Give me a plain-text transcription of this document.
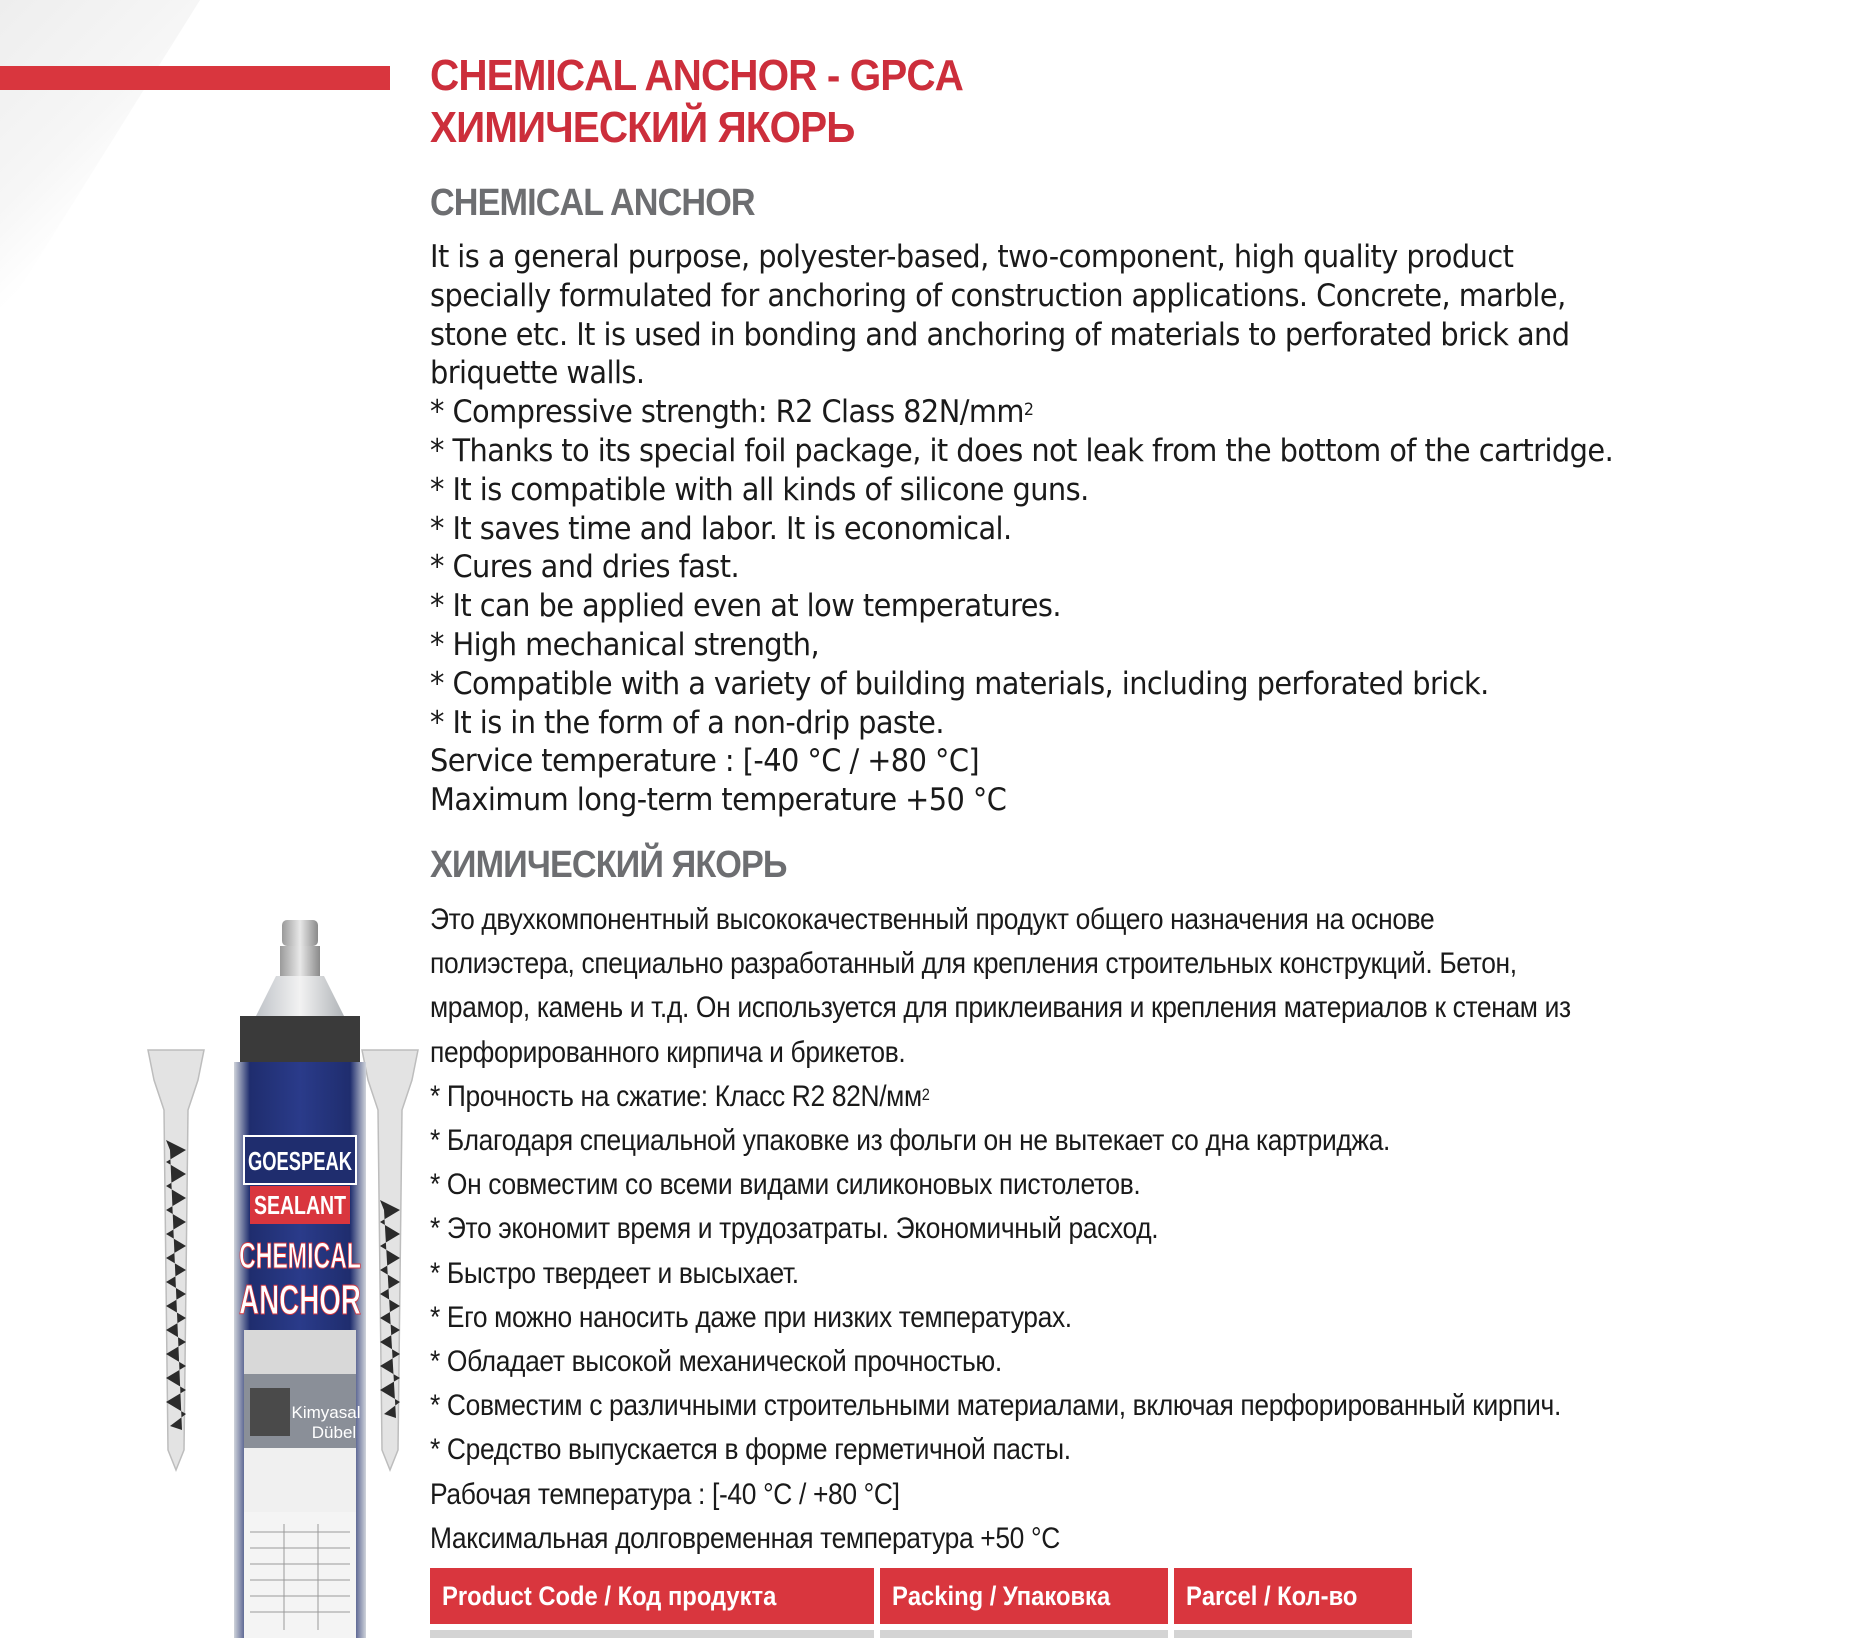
CHEMICAL ANCHOR - GPCA
ХИМИЧЕСКИЙ ЯКОРЬ
CHEMICAL ANCHOR

It is a general purpose, polyester-based, two-component, high quality product

specially formulated for anchoring of construction applications. Concrete, marble,

stone etc. It is used in bonding and anchoring of materials to perforated brick and

briquette walls.

* Compressive strength: R2 Class $82N/mm^2$

* Thanks to its special foil package, it does not leak from the bottom of the cartridge.

* It is compatible with all kinds of silicone guns.

* It saves time and labor. It is economical.

* Cures and dries fast.

* It can be applied even at low temperatures.

* High mechanical strength,

* Compatible with a variety of building materials, including perforated brick.

* It is in the form of a non-drip paste.

Service temperature : [-40 °C / +80 °C]

Maximum long-term temperature +50 °C

ХИМИЧЕСКИЙ ЯКОРЬ

Это двухкомпонентный высококачественный продукт общего назначения на основе

полиэстера, специально разработанный для крепления строительных конструкций. Бетон,

мрамор, камень и т.д. Он используется для приклеивания и крепления материалов к стенам из

перфорированного кирпича и брикетов.

* Прочность на сжатие: Класс R2 $82N/мм^2$

* Благодаря специальной упаковке из фольги он не вытекает со дна картриджа.

* Он совместим со всеми видами силиконовых пистолетов.

* Это экономит время и трудозатраты. Экономичный расход.

* Быстро твердеет и высыхает.

* Его можно наносить даже при низких температурах.

* Обладает высокой механической прочностью.

* Совместим с различными строительными материалами, включая перфорированный кирпич.

* Средство выпускается в форме герметичной пасты.

Рабочая температура : [-40 °C / +80 °C]

Максимальная долговременная температура +50 °C

Product Code / Код продукта	Packing / Упаковка	Parcel / Кол-во
GOESPEAK
SEALANT
CHEMICAL
ANCHOR
Kimyasal
Dübel
